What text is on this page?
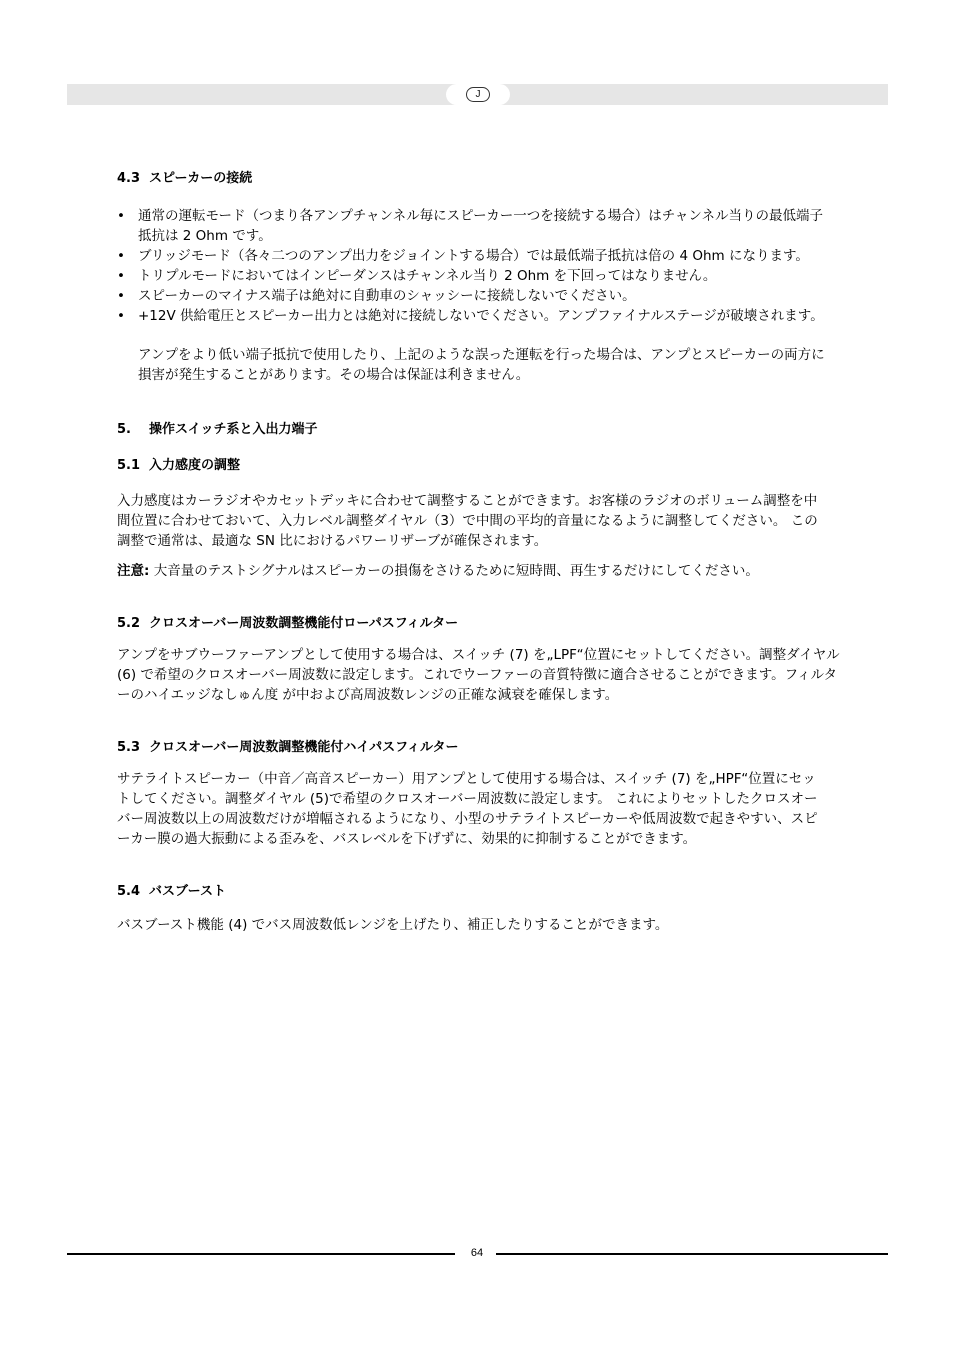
J
4.3 スピーカーの接続
• 通常の運転モード（つまり各アンプチャンネル毎にスピーカー一つを接続する場合）はチャンネル当りの最低端子抵抗は 2 Ohm です。
• ブリッジモード（各々二つのアンプ出力をジョイントする場合）では最低端子抵抗は倍の 4 Ohm になります。
• トリプルモードにおいてはインピーダンスはチャンネル当り 2 Ohm を下回ってはなりません。
• スピーカーのマイナス端子は絶対に自動車のシャッシーに接続しないでください。
• +12V 供給電圧とスピーカー出力とは絶対に接続しないでください。アンプファイナルステージが破壊されます。

アンプをより低い端子抵抗で使用したり、上記のような誤った運転を行った場合は、アンプとスピーカーの両方に損害が発生することがあります。その場合は保証は利きません。

5. 操作スイッチ系と入出力端子
5.1 入力感度の調整

入力感度はカーラジオやカセットデッキに合わせて調整することができます。お客様のラジオのボリューム調整を中間位置に合わせておいて、入力レベル調整ダイヤル（3）で中間の平均的音量になるように調整してください。 この調整で通常は、最適な SN 比におけるパワーリザーブが確保されます。

注意: 大音量のテストシグナルはスピーカーの損傷をさけるために短時間、再生するだけにしてください。

5.2 クロスオーバー周波数調整機能付ローパスフィルター

アンプをサブウーファーアンプとして使用する場合は、スイッチ (7) を„LPF“位置にセットしてください。調整ダイヤル (6) で希望のクロスオーバー周波数に設定します。これでウーファーの音質特徴に適合させることができます。フィルターのハイエッジなしゅん度 が中および高周波数レンジの正確な減衰を確保します。

5.3 クロスオーバー周波数調整機能付ハイパスフィルター

サテライトスピーカー（中音／高音スピーカー）用アンプとして使用する場合は、スイッチ (7) を„HPF“位置にセットしてください。調整ダイヤル (5)で希望のクロスオーバー周波数に設定します。 これによりセットしたクロスオーバー周波数以上の周波数だけが増幅されるようになり、小型のサテライトスピーカーや低周波数で起きやすい、スピーカー膜の過大振動による歪みを、バスレベルを下げずに、効果的に抑制することができます。

5.4 バスブースト

バスブースト機能 (4) でバス周波数低レンジを上げたり、補正したりすることができます。

64
